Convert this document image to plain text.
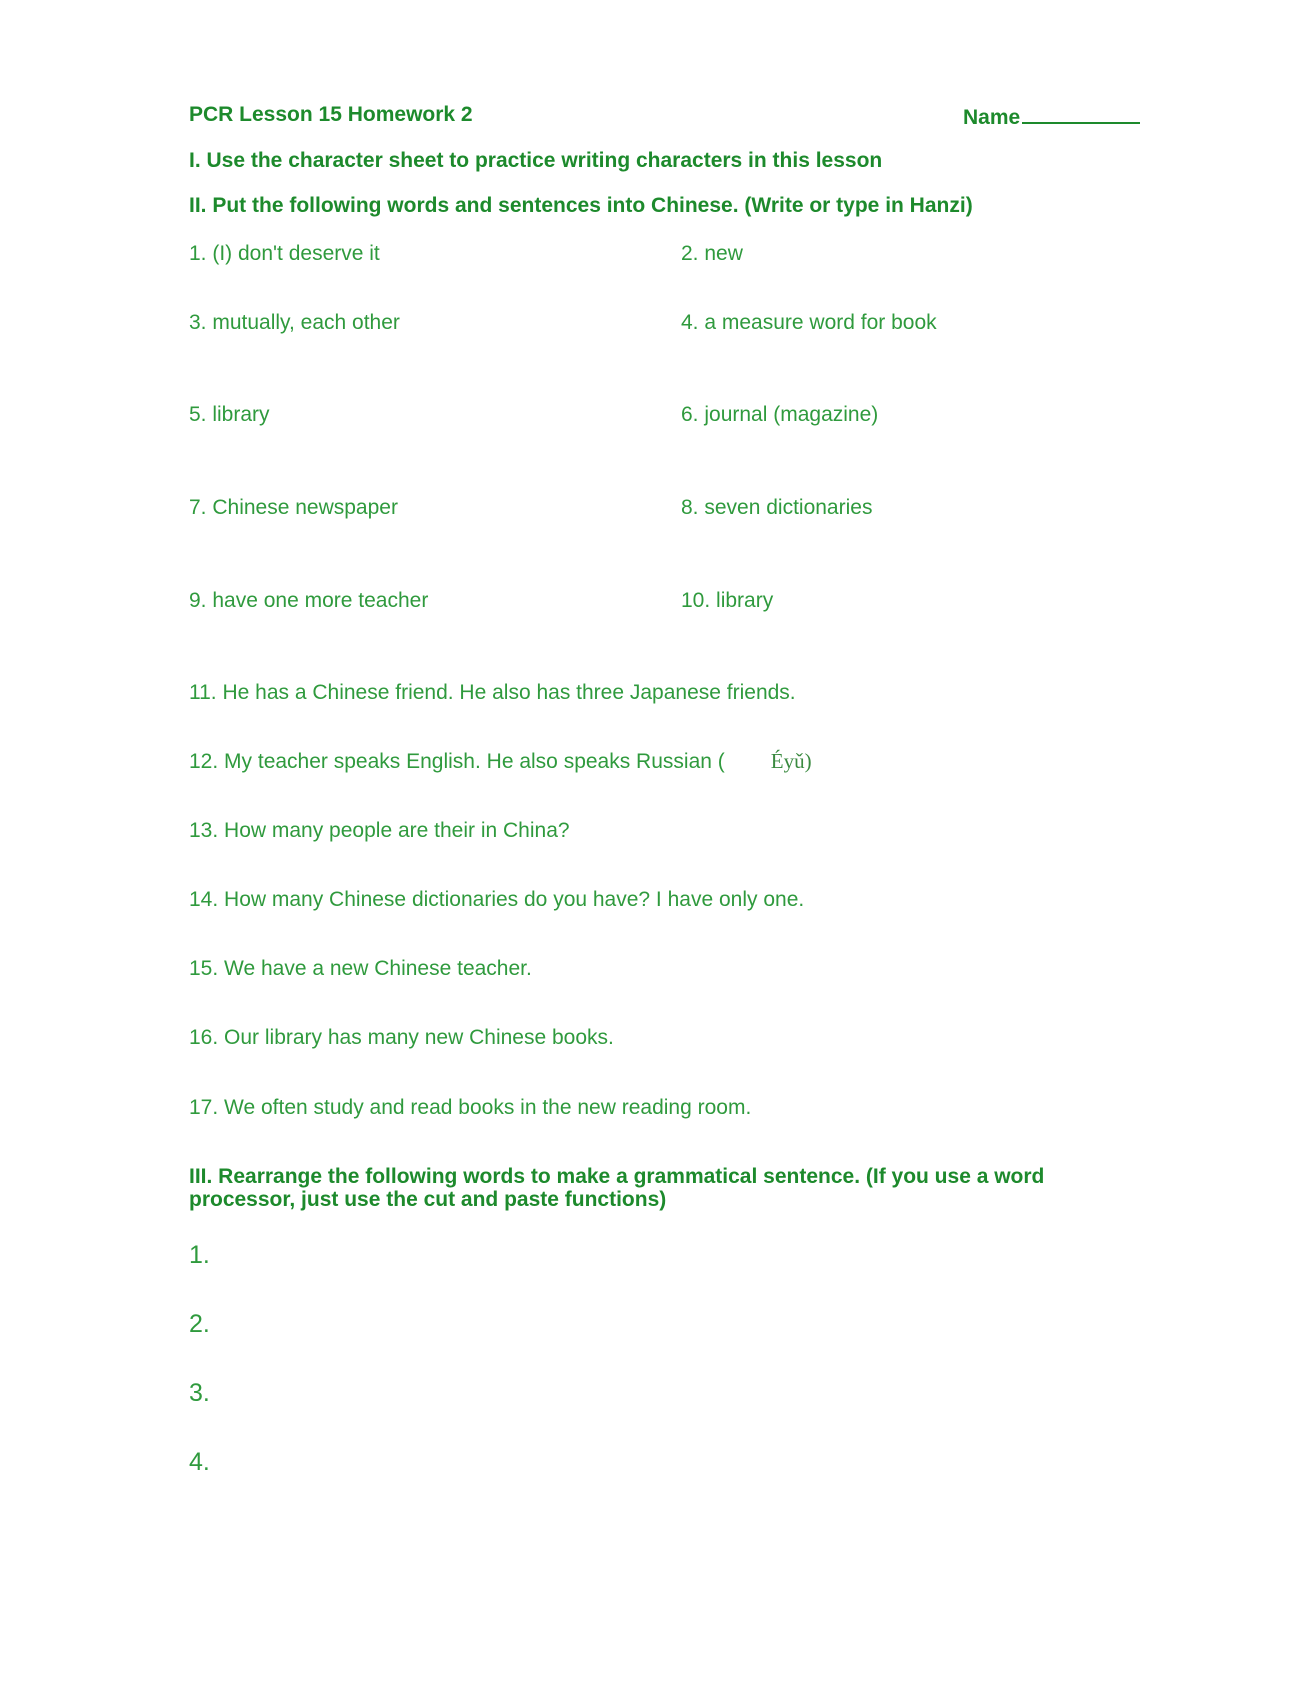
PCR Lesson 15 Homework 2	Name
I. Use the character sheet to practice writing characters in this lesson
II. Put the following words and sentences into Chinese. (Write or type in Hanzi)
1. (I) don't deserve it	2. new
3. mutually, each other	4. a measure word for book
5. library	6. journal (magazine)
7. Chinese newspaper	8. seven dictionaries
9. have one more teacher	10. library
11. He has a Chinese friend. He also has three Japanese friends.
12. My teacher speaks English. He also speaks Russian ( Éyǔ)
13. How many people are their in China?
14. How many Chinese dictionaries do you have? I have only one.
15. We have a new Chinese teacher.
16. Our library has many new Chinese books.
17. We often study and read books in the new reading room.
III. Rearrange the following words to make a grammatical sentence. (If you use a word
processor, just use the cut and paste functions)
1.
2.
3.
4.
